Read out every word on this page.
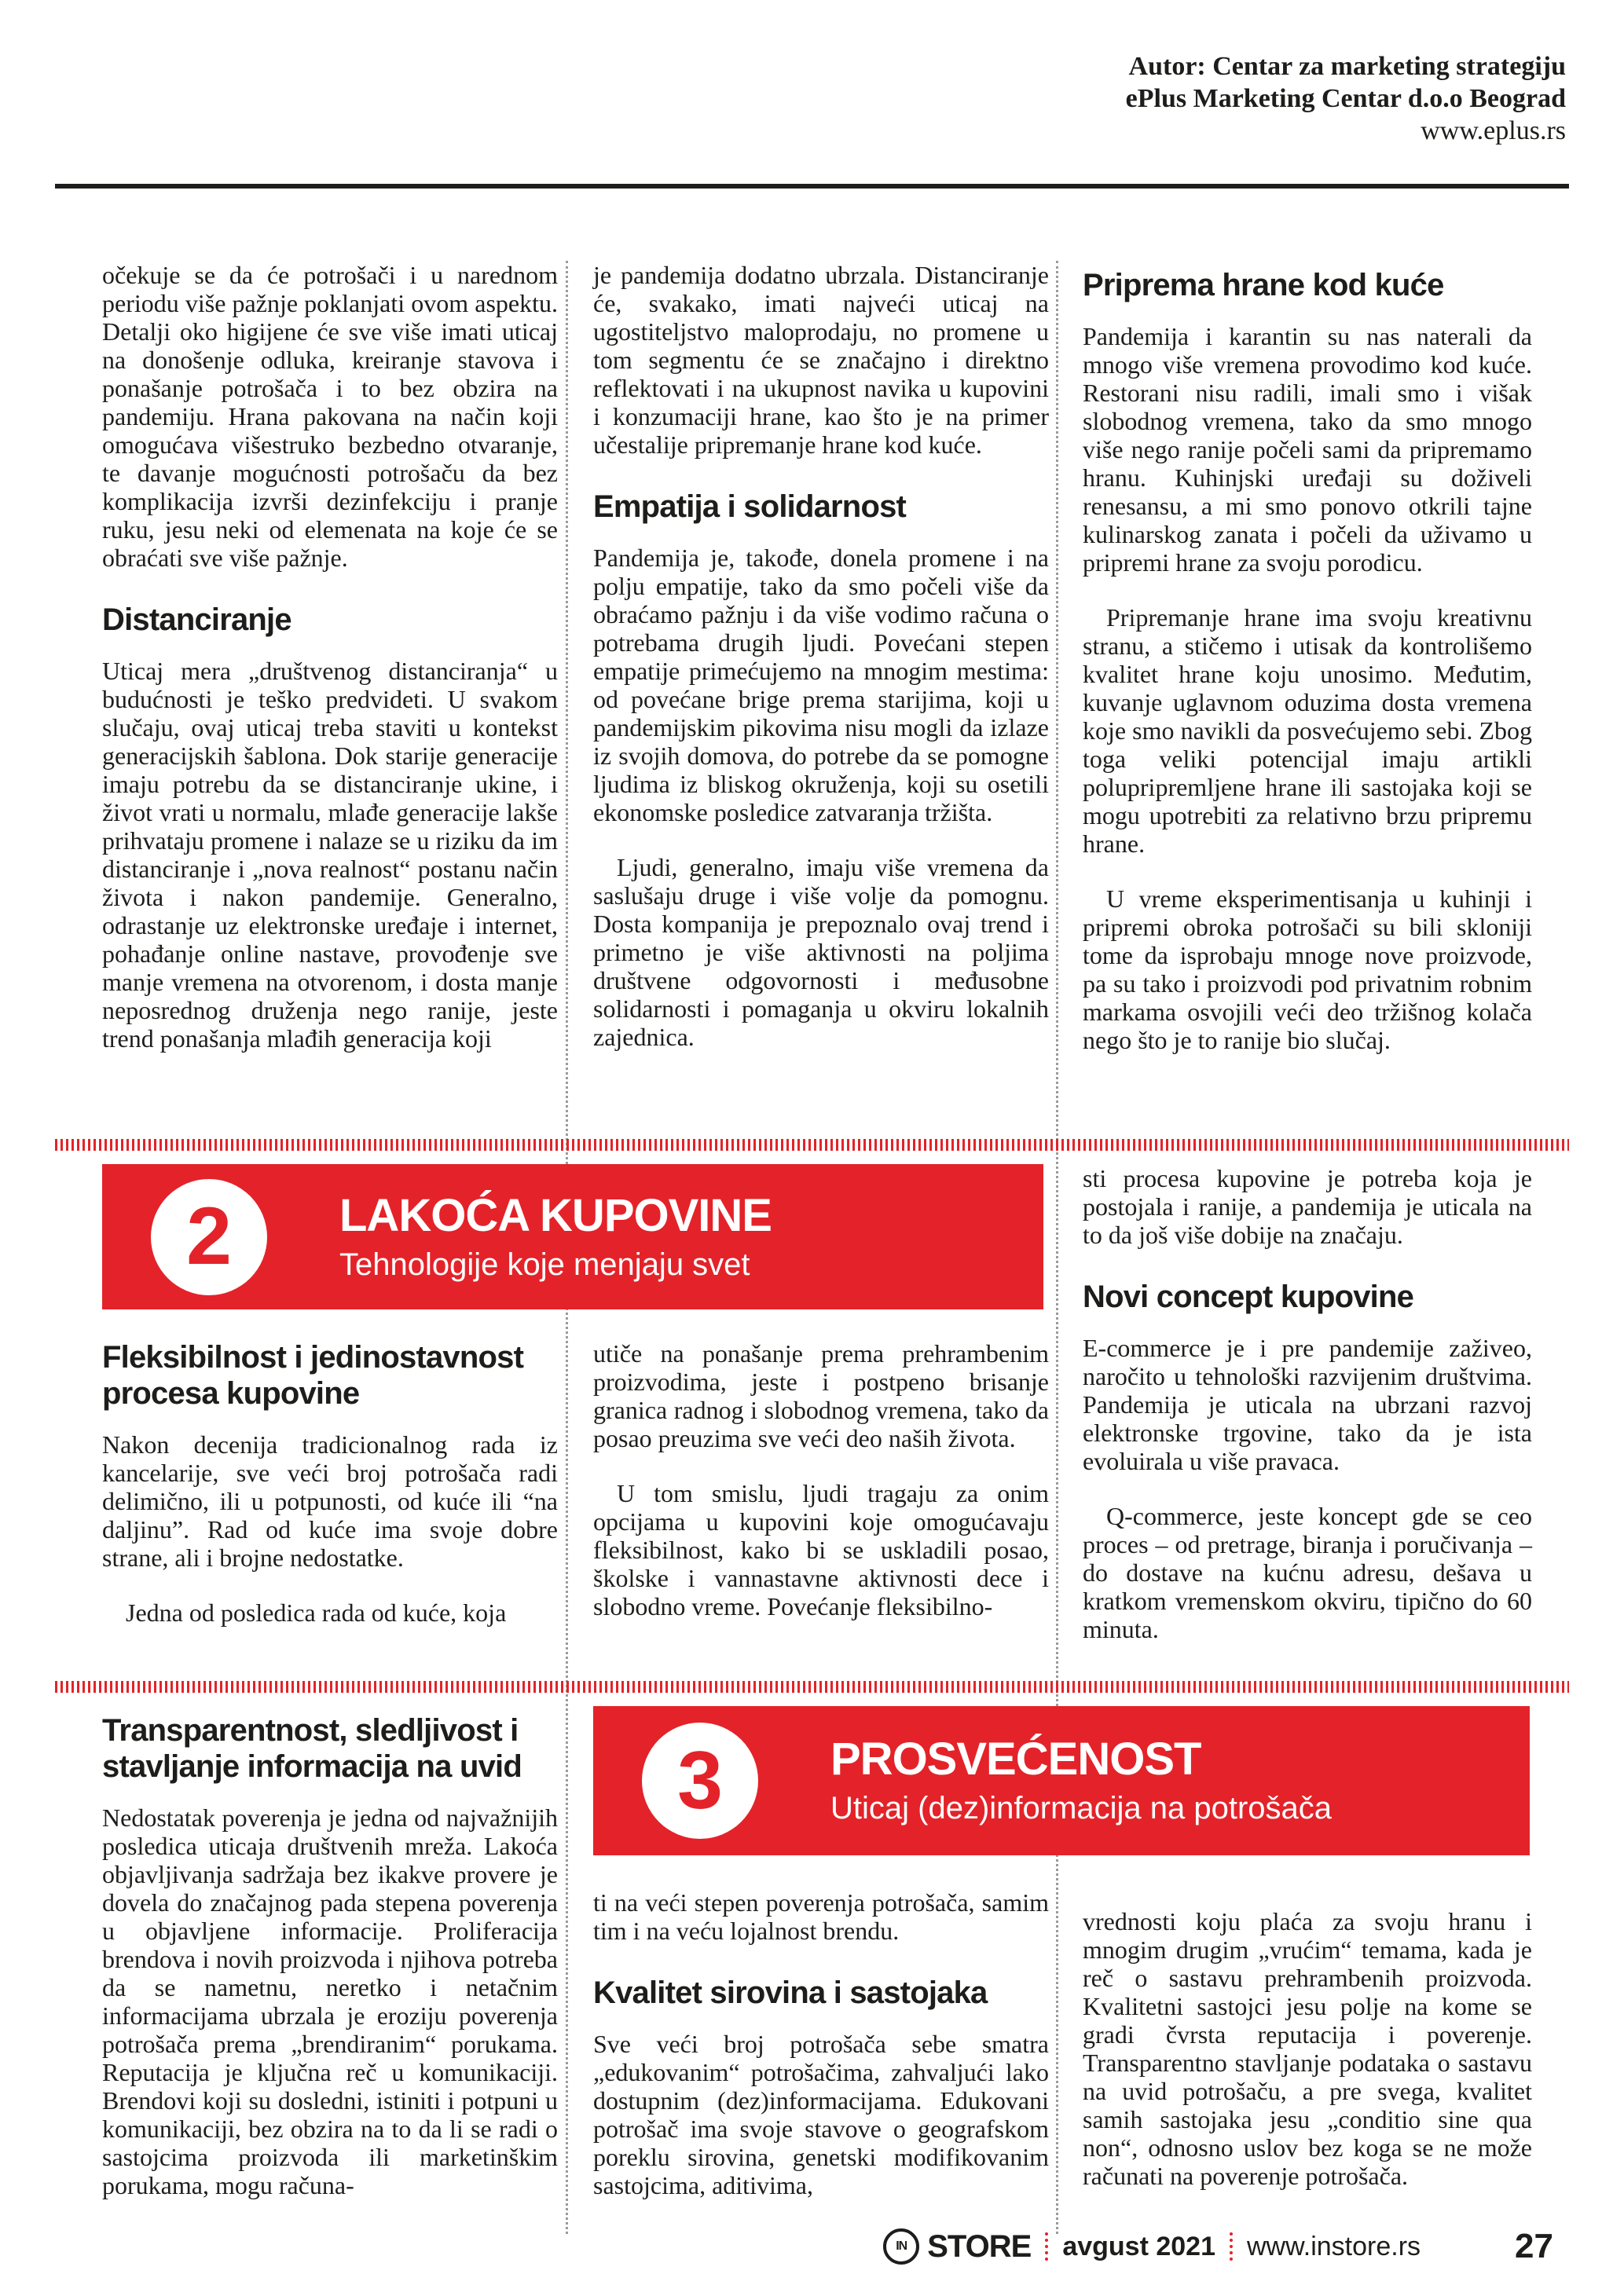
Autor: Centar za marketing strategiju
ePlus Marketing Centar d.o.o Beograd
www.eplus.rs

očekuje se da će potrošači i u narednom periodu više pažnje poklanjati ovom aspektu. Detalji oko higijene će sve više imati uticaj na donošenje odluka, kreiranje stavova i ponašanje potrošača i to bez obzira na pandemiju. Hrana pakovana na način koji omogućava višestruko bezbedno otvaranje, te davanje mogućnosti potrošaču da bez komplikacija izvrši dezinfekciju i pranje ruku, jesu neki od elemenata na koje će se obraćati sve više pažnje.

Distanciranje

Uticaj mera „društvenog distanciranja“ u budućnosti je teško predvideti. U svakom slučaju, ovaj uticaj treba staviti u kontekst generacijskih šablona. Dok starije generacije imaju potrebu da se distanciranje ukine, i život vrati u normalu, mlađe generacije lakše prihvataju promene i nalaze se u riziku da im distanciranje i „nova realnost“ postanu način života i nakon pandemije. Generalno, odrastanje uz elektronske uređaje i internet, pohađanje online nastave, provođenje sve manje vremena na otvorenom, i dosta manje neposrednog druženja nego ranije, jeste trend ponašanja mlađih generacija koji

je pandemija dodatno ubrzala. Distanciranje će, svakako, imati najveći uticaj na ugostiteljstvo maloprodaju, no promene u tom segmentu će se značajno i direktno reflektovati i na ukupnost navika u kupovini i konzumaciji hrane, kao što je na primer učestalije pripremanje hrane kod kuće.

Empatija i solidarnost

Pandemija je, takođe, donela promene i na polju empatije, tako da smo počeli više da obraćamo pažnju i da više vodimo računa o potrebama drugih ljudi. Povećani stepen empatije primećujemo na mnogim mestima: od povećane brige prema starijima, koji u pandemijskim pikovima nisu mogli da izlaze iz svojih domova, do potrebe da se pomogne ljudima iz bliskog okruženja, koji su osetili ekonomske posledice zatvaranja tržišta.

Ljudi, generalno, imaju više vremena da saslušaju druge i više volje da pomognu. Dosta kompanija je prepoznalo ovaj trend i primetno je više aktivnosti na poljima društvene odgovornosti i međusobne solidarnosti i pomaganja u okviru lokalnih zajednica.

Priprema hrane kod kuće

Pandemija i karantin su nas naterali da mnogo više vremena provodimo kod kuće. Restorani nisu radili, imali smo i višak slobodnog vremena, tako da smo mnogo više nego ranije počeli sami da pripremamo hranu. Kuhinjski uređaji su doživeli renesansu, a mi smo ponovo otkrili tajne kulinarskog zanata i počeli da uživamo u pripremi hrane za svoju porodicu.

Pripremanje hrane ima svoju kreativnu stranu, a stičemo i utisak da kontrolišemo kvalitet hrane koju unosimo. Međutim, kuvanje uglavnom oduzima dosta vremena koje smo navikli da posvećujemo sebi. Zbog toga veliki potencijal imaju artikli polupripremljene hrane ili sastojaka koji se mogu upotrebiti za relativno brzu pripremu hrane.

U vreme eksperimentisanja u kuhinji i pripremi obroka potrošači su bili skloniji tome da isprobaju mnoge nove proizvode, pa su tako i proizvodi pod privatnim robnim markama osvojili veći deo tržišnog kolača nego što je to ranije bio slučaj.

2	LAKOĆA KUPOVINE
Tehnologije koje menjaju svet

sti procesa kupovine je potreba koja je postojala i ranije, a pandemija je uticala na to da još više dobije na značaju.

Novi concept kupovine

E-commerce je i pre pandemije zaživeo, naročito u tehnološki razvijenim društvima. Pandemija je uticala na ubrzani razvoj elektronske trgovine, tako da je ista evoluirala u više pravaca.

Q-commerce, jeste koncept gde se ceo proces – od pretrage, biranja i poručivanja – do dostave na kućnu adresu, dešava u kratkom vremenskom okviru, tipično do 60 minuta.

Fleksibilnost i jedinostavnost procesa kupovine

Nakon decenija tradicionalnog rada iz kancelarije, sve veći broj potrošača radi delimično, ili u potpunosti, od kuće ili “na daljinu”. Rad od kuće ima svoje dobre strane, ali i brojne nedostatke.

Jedna od posledica rada od kuće, koja

utiče na ponašanje prema prehrambenim proizvodima, jeste i postpeno brisanje granica radnog i slobodnog vremena, tako da posao preuzima sve veći deo naših života.

U tom smislu, ljudi tragaju za onim opcijama u kupovini koje omogućavaju fleksibilnost, kako bi se uskladili posao, školske i vannastavne aktivnosti dece i slobodno vreme. Povećanje fleksibilno-

3	PROSVEĆENOST
Uticaj (dez)informacija na potrošača
Transparentnost, sledljivost i stavljanje informacija na uvid

Nedostatak poverenja je jedna od najvažnijih posledica uticaja društvenih mreža. Lakoća objavljivanja sadržaja bez ikakve provere je dovela do značajnog pada stepena poverenja u objavljene informacije. Proliferacija brendova i novih proizvoda i njihova potreba da se nametnu, neretko i netačnim informacijama ubrzala je eroziju poverenja potrošača prema „brendiranim“ porukama. Reputacija je ključna reč u komunikaciji. Brendovi koji su dosledni, istiniti i potpuni u komunikaciji, bez obzira na to da li se radi o sastojcima proizvoda ili marketinškim porukama, mogu računa-

ti na veći stepen poverenja potrošača, samim tim i na veću lojalnost brendu.

Kvalitet sirovina i sastojaka

Sve veći broj potrošača sebe smatra „edukovanim“ potrošačima, zahvaljući lako dostupnim (dez)informacijama. Edukovani potrošač ima svoje stavove o geografskom poreklu sirovina, genetski modifikovanim sastojcima, aditivima,

vrednosti koju plaća za svoju hranu i mnogim drugim „vrućim“ temama, kada je reč o sastavu prehrambenih proizvoda. Kvalitetni sastojci jesu polje na kome se gradi čvrsta reputacija i poverenje. Transparentno stavljanje podataka o sastavu na uvid potrošaču, a pre svega, kvalitet samih sastojaka jesu „conditio sine qua non“, odnosno uslov bez koga se ne može računati na poverenje potrošača.

IN STORE avgust 2021 www.instore.rs	27
